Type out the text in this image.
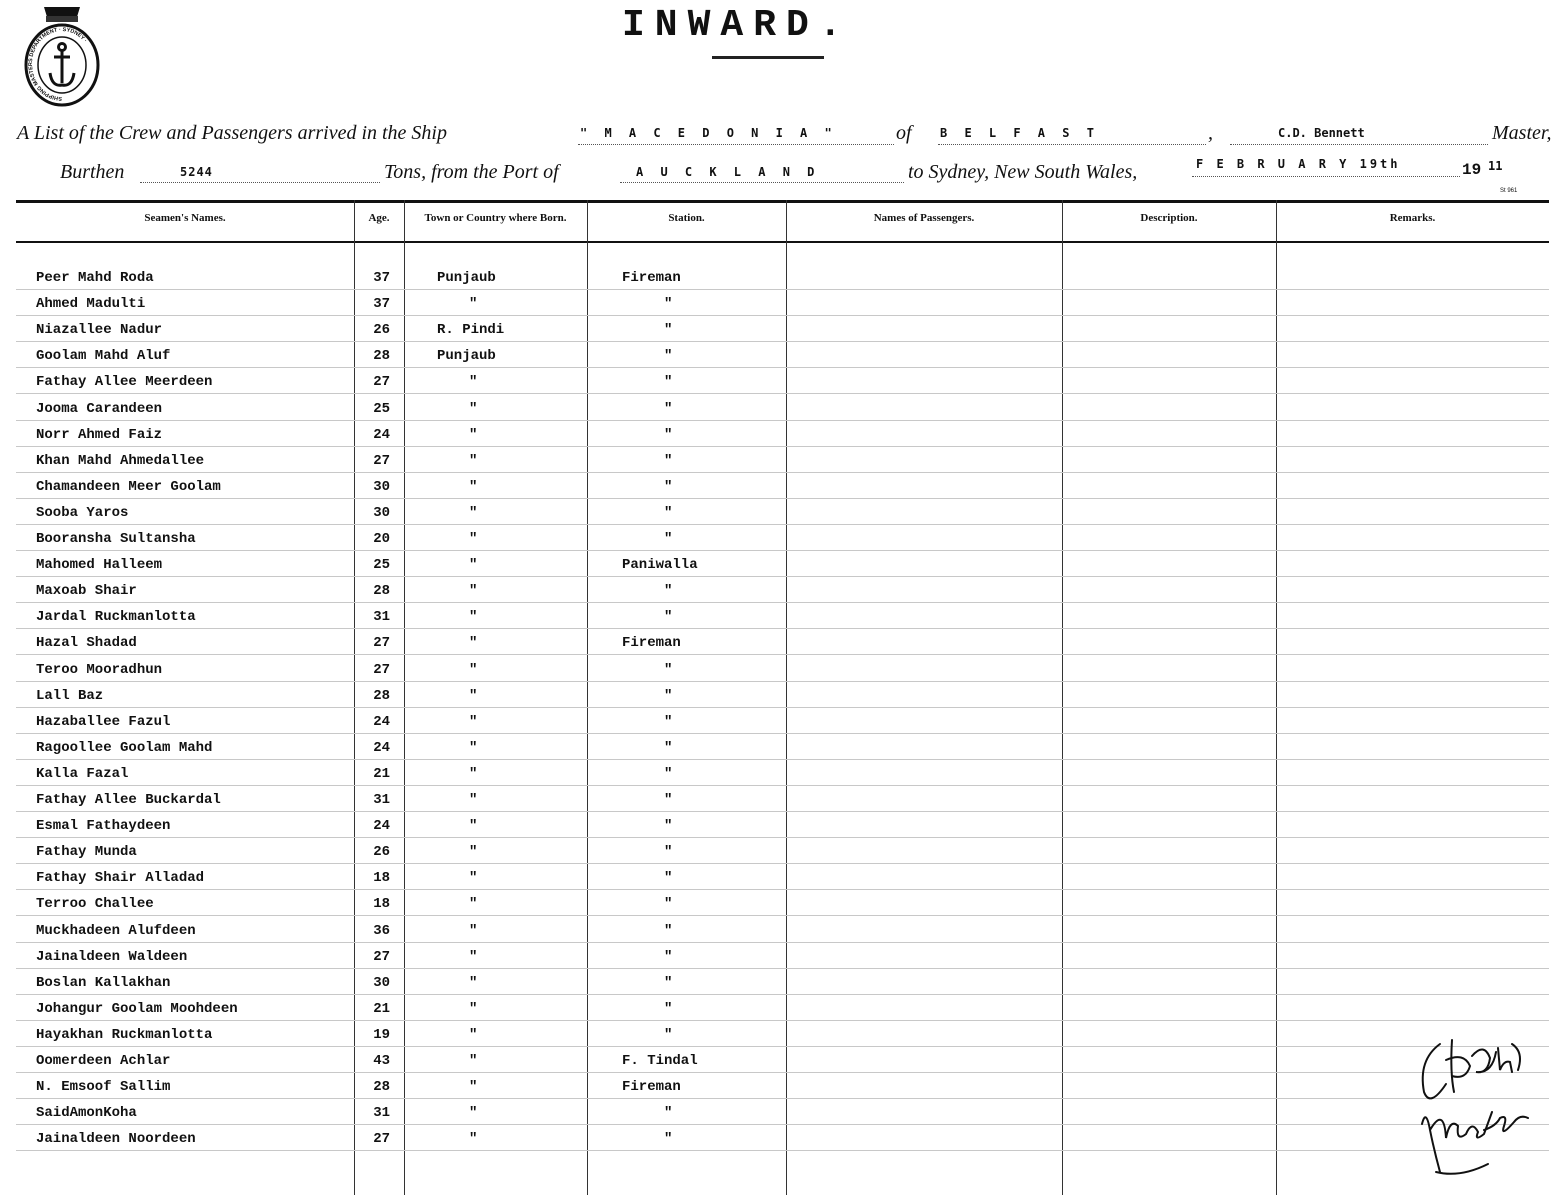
SHIPPING MASTERS DEPARTMENT · SYDNEY ·	INWARD.
A List of the Crew and Passengers arrived in the Ship	" M A C E D O N I A "	of B E L F A S T	,	C.D. Bennett	Master,
Burthen	5244	Tons, from the Port of	A U C K L A N D	to Sydney, New South Wales,	F E B R U A R Y 19th	19 11
St 961
Seamen's Names.	Age.	Town or Country where Born.	Station.	Names of Passengers.	Description.	Remarks.
Peer Mahd Roda	37	Punjaub	Fireman
Ahmed Madulti	37	"	"
Niazallee Nadur	26	R. Pindi	"
Goolam Mahd Aluf	28	Punjaub	"
Fathay Allee Meerdeen	27	"	"
Jooma Carandeen	25	"	"
Norr Ahmed Faiz	24	"	"
Khan Mahd Ahmedallee	27	"	"
Chamandeen Meer Goolam	30	"	"
Sooba Yaros	30	"	"
Booransha Sultansha	20	"	"
Mahomed Halleem	25	"	Paniwalla
Maxoab Shair	28	"	"
Jardal Ruckmanlotta	31	"	"
Hazal Shadad	27	"	Fireman
Teroo Mooradhun	27	"	"
Lall Baz	28	"	"
Hazaballee Fazul	24	"	"
Ragoollee Goolam Mahd	24	"	"
Kalla Fazal	21	"	"
Fathay Allee Buckardal	31	"	"
Esmal Fathaydeen	24	"	"
Fathay Munda	26	"	"
Fathay Shair Alladad	18	"	"
Terroo Challee	18	"	"
Muckhadeen Alufdeen	36	"	"
Jainaldeen Waldeen	27	"	"
Boslan Kallakhan	30	"	"
Johangur Goolam Moohdeen	21	"	"
Hayakhan Ruckmanlotta	19	"	"
Oomerdeen Achlar	43	"	F. Tindal
N. Emsoof Sallim	28	"	Fireman
SaidAmonKoha	31	"	"
Jainaldeen Noordeen	27	"	"
